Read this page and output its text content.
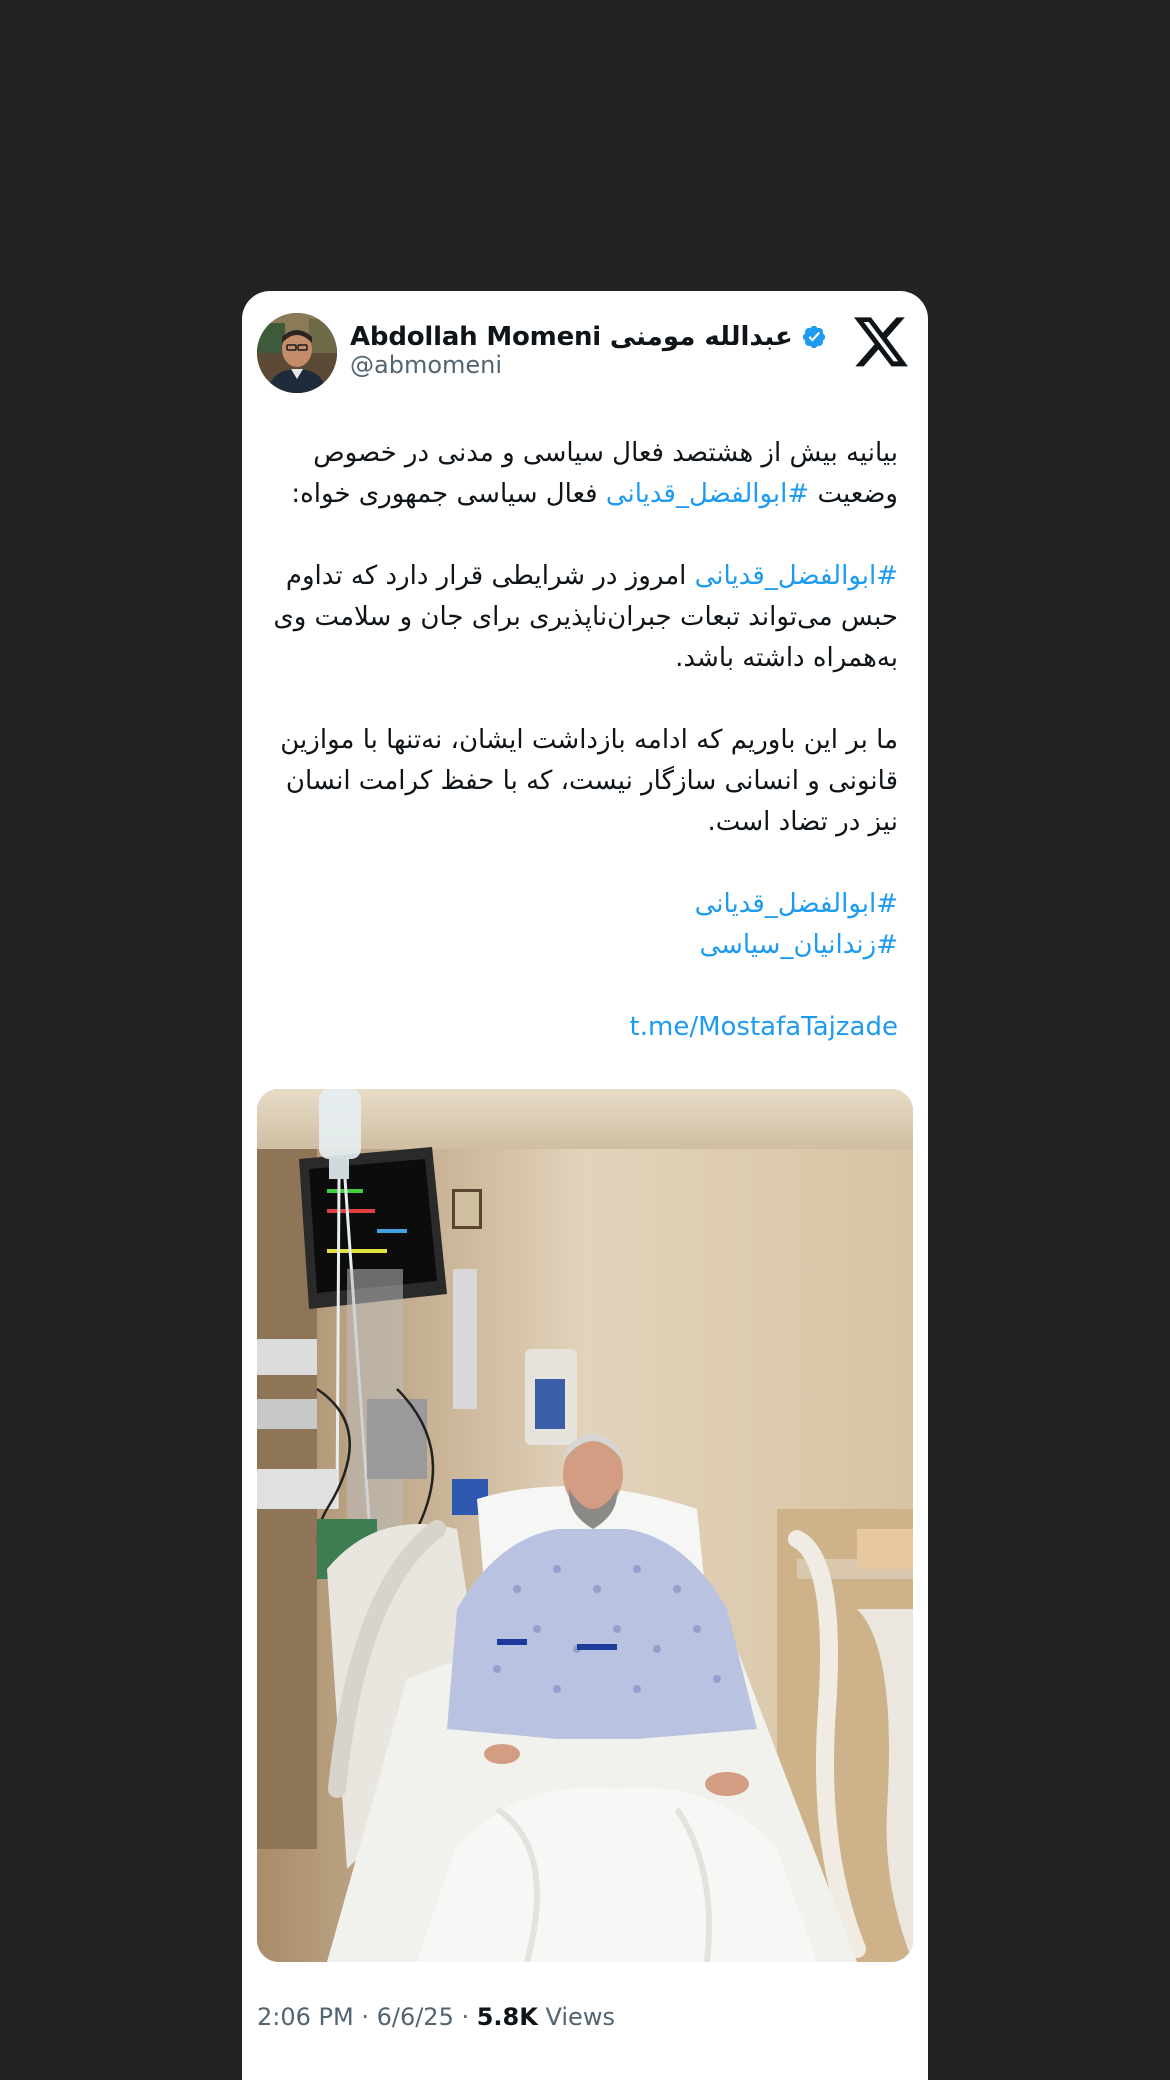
Abdollah Momeni عبدالله مومنی
@abmomeni

بیانیه بیش از هشتصد فعال سیاسی و مدنی در خصوص وضعیت #ابوالفضل_قدیانی فعال سیاسی جمهوری خواه:

#ابوالفضل_قدیانی امروز در شرایطی قرار دارد که تداوم حبس می‌تواند تبعات جبران‌ناپذیری برای جان و سلامت وی به‌همراه داشته باشد.

ما بر این باوریم که ادامه بازداشت ایشان، نه‌تنها با موازین قانونی و انسانی سازگار نیست، که با حفظ کرامت انسان نیز در تضاد است.

#ابوالفضل_قدیانی

#زندانیان_سیاسی

t.me/MostafaTajzade

2:06 PM · 6/6/25 · 5.8K Views
